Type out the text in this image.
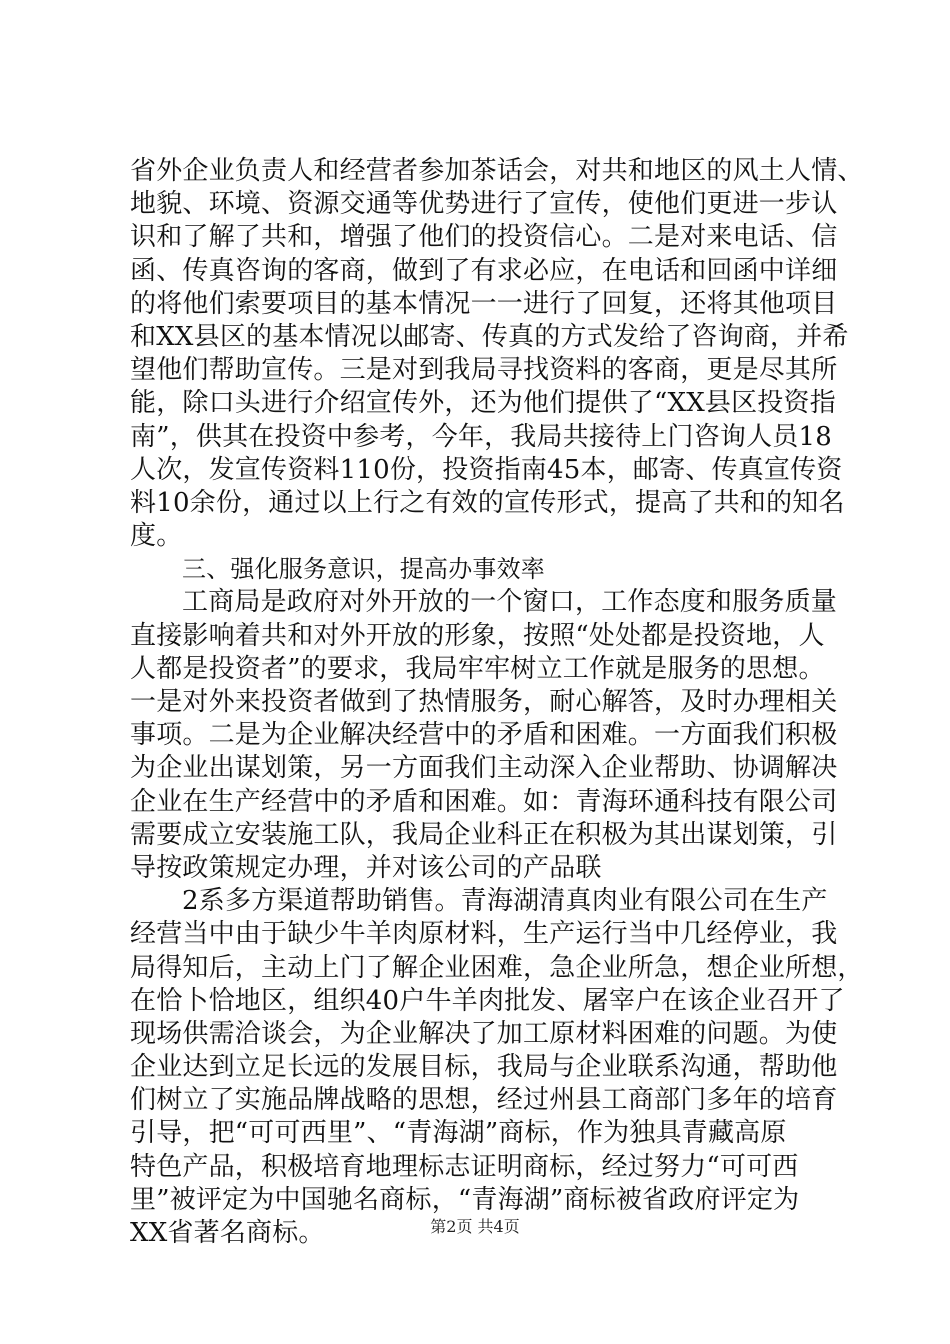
省外企业负责人和经营者参加茶话会，对共和地区的风土人情、
地貌、环境、资源交通等优势进行了宣传，使他们更进一步认
识和了解了共和，增强了他们的投资信心。二是对来电话、信
函、传真咨询的客商，做到了有求必应，在电话和回函中详细
的将他们索要项目的基本情况一一进行了回复，还将其他项目
和XX县区的基本情况以邮寄、传真的方式发给了咨询商，并希
望他们帮助宣传。三是对到我局寻找资料的客商，更是尽其所
能，除口头进行介绍宣传外，还为他们提供了“XX县区投资指
南”，供其在投资中参考，今年，我局共接待上门咨询人员18
人次，发宣传资料110份，投资指南45本，邮寄、传真宣传资
料10余份，通过以上行之有效的宣传形式，提高了共和的知名
度。
三、强化服务意识，提高办事效率
工商局是政府对外开放的一个窗口，工作态度和服务质量
直接影响着共和对外开放的形象，按照“处处都是投资地，人
人都是投资者”的要求，我局牢牢树立工作就是服务的思想。
一是对外来投资者做到了热情服务，耐心解答，及时办理相关
事项。二是为企业解决经营中的矛盾和困难。一方面我们积极
为企业出谋划策，另一方面我们主动深入企业帮助、协调解决
企业在生产经营中的矛盾和困难。如：青海环通科技有限公司
需要成立安装施工队，我局企业科正在积极为其出谋划策，引
导按政策规定办理，并对该公司的产品联
2系多方渠道帮助销售。青海湖清真肉业有限公司在生产
经营当中由于缺少牛羊肉原材料，生产运行当中几经停业，我
局得知后，主动上门了解企业困难，急企业所急，想企业所想，
在恰卜恰地区，组织40户牛羊肉批发、屠宰户在该企业召开了
现场供需洽谈会，为企业解决了加工原材料困难的问题。为使
企业达到立足长远的发展目标，我局与企业联系沟通，帮助他
们树立了实施品牌战略的思想，经过州县工商部门多年的培育
引导，把“可可西里”、“青海湖”商标，作为独具青藏高原
特色产品，积极培育地理标志证明商标，经过努力“可可西
里”被评定为中国驰名商标，“青海湖”商标被省政府评定为
XX省著名商标。	第2页 共4页
